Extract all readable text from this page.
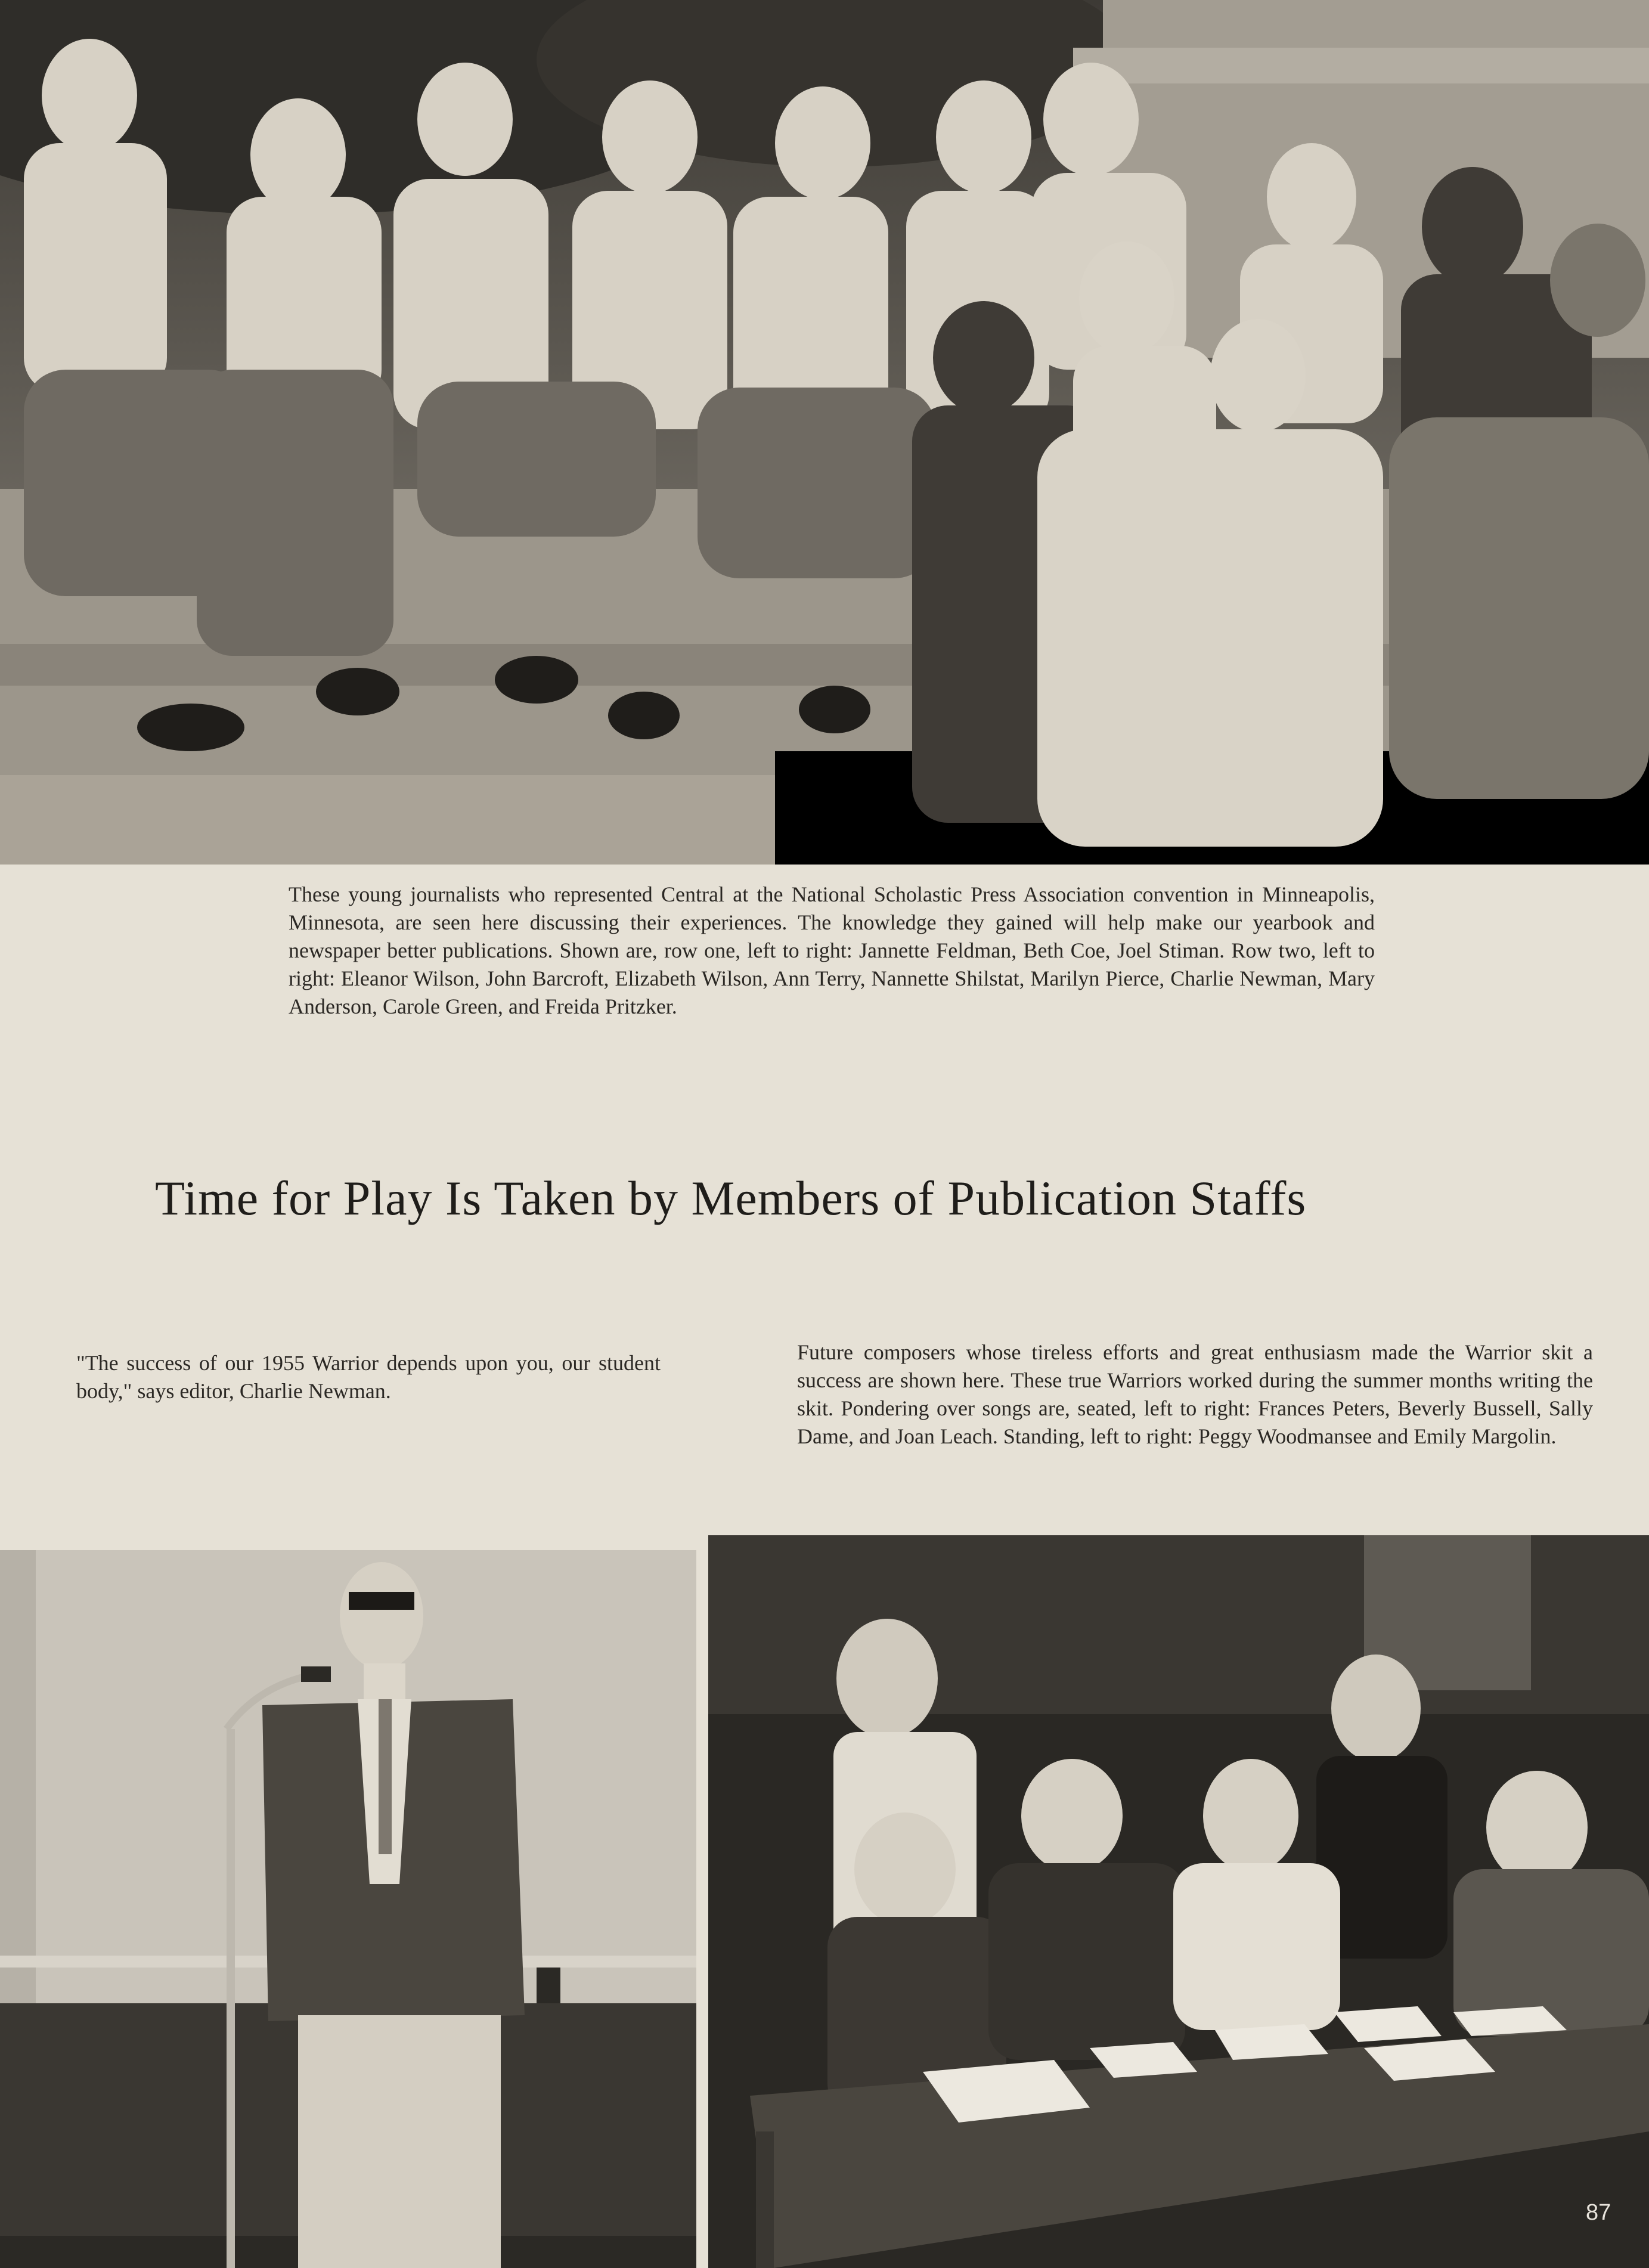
These young journalists who represented Central at the National Scholastic Press Association convention in Minneapolis, Minnesota, are seen here discussing their experiences. The knowledge they gained will help make our yearbook and newspaper better publications. Shown are, row one, left to right: Jannette Feldman, Beth Coe, Joel Stiman. Row two, left to right: Eleanor Wilson, John Barcroft, Elizabeth Wilson, Ann Terry, Nannette Shilstat, Marilyn Pierce, Charlie Newman, Mary Anderson, Carole Green, and Freida Pritzker.

Time for Play Is Taken by Members of Publication Staffs

"The success of our 1955 Warrior depends upon you, our student body," says editor, Charlie Newman.

Future composers whose tireless efforts and great enthusiasm made the Warrior skit a success are shown here. These true Warriors worked during the summer months writing the skit. Pondering over songs are, seated, left to right: Frances Peters, Beverly Bussell, Sally Dame, and Joan Leach. Standing, left to right: Peggy Woodmansee and Emily Margolin.

87
